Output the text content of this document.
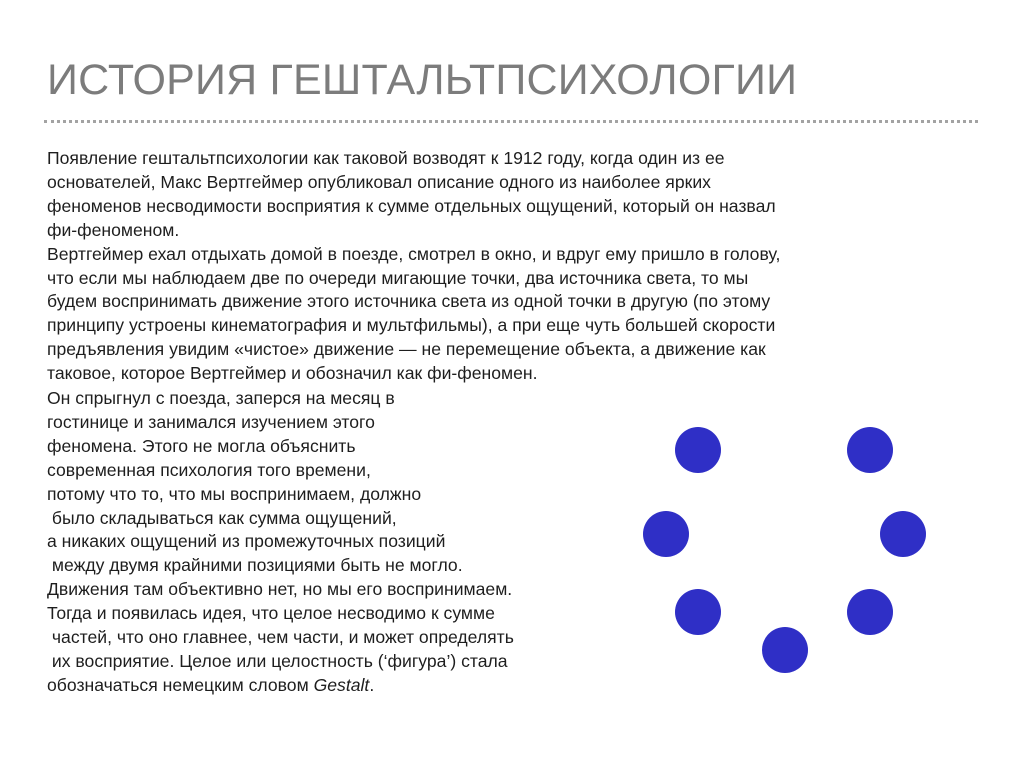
ИСТОРИЯ ГЕШТАЛЬТПСИХОЛОГИИ
Появление гештальтпсихологии как таковой возводят к 1912 году, когда один из ее
основателей, Макс Вертгеймер опубликовал описание одного из наиболее ярких
феноменов несводимости восприятия к сумме отдельных ощущений, который он назвал
фи-феноменом.
Вертгеймер ехал отдыхать домой в поезде, смотрел в окно, и вдруг ему пришло в голову,
что если мы наблюдаем две по очереди мигающие точки, два источника света, то мы
будем воспринимать движение этого источника света из одной точки в другую (по этому
принципу устроены кинематография и мультфильмы), а при еще чуть большей скорости
предъявления увидим «чистое» движение — не перемещение объекта, а движение как
таковое, которое Вертгеймер и обозначил как фи-феномен.
Он спрыгнул с поезда, заперся на месяц в
гостинице и занимался изучением этого
феномена. Этого не могла объяснить
современная психология того времени,
потому что то, что мы воспринимаем, должно
было складываться как сумма ощущений,
а никаких ощущений из промежуточных позиций
между двумя крайними позициями быть не могло.
Движения там объективно нет, но мы его воспринимаем.
Тогда и появилась идея, что целое несводимо к сумме
частей, что оно главнее, чем части, и может определять
их восприятие. Целое или целостность (‘фигура’) стала
обозначаться немецким словом Gestalt.
